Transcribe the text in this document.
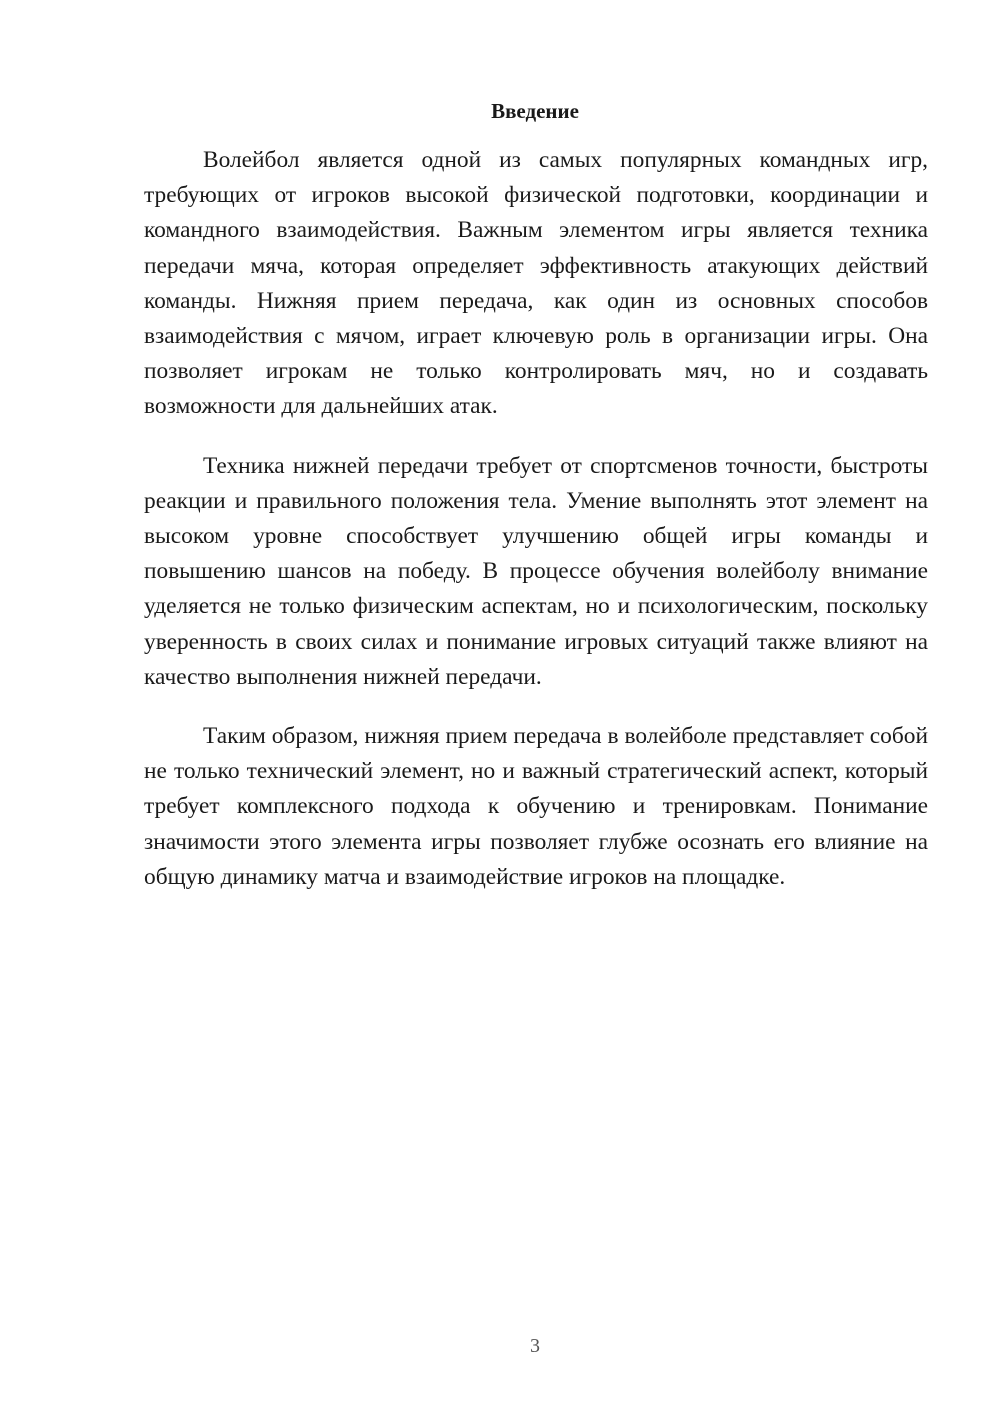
Введение

Волейбол является одной из самых популярных командных игр, требующих от игроков высокой физической подготовки, координации и командного взаимодействия. Важным элементом игры является техника передачи мяча, которая определяет эффективность атакующих действий команды. Нижняя прием передача, как один из основных способов взаимодействия с мячом, играет ключевую роль в организации игры. Она позволяет игрокам не только контролировать мяч, но и создавать возможности для дальнейших атак.

Техника нижней передачи требует от спортсменов точности, быстроты реакции и правильного положения тела. Умение выполнять этот элемент на высоком уровне способствует улучшению общей игры команды и повышению шансов на победу. В процессе обучения волейболу внимание уделяется не только физическим аспектам, но и психологическим, поскольку уверенность в своих силах и понимание игровых ситуаций также влияют на качество выполнения нижней передачи.

Таким образом, нижняя прием передача в волейболе представляет собой не только технический элемент, но и важный стратегический аспект, который требует комплексного подхода к обучению и тренировкам. Понимание значимости этого элемента игры позволяет глубже осознать его влияние на общую динамику матча и взаимодействие игроков на площадке.

3
